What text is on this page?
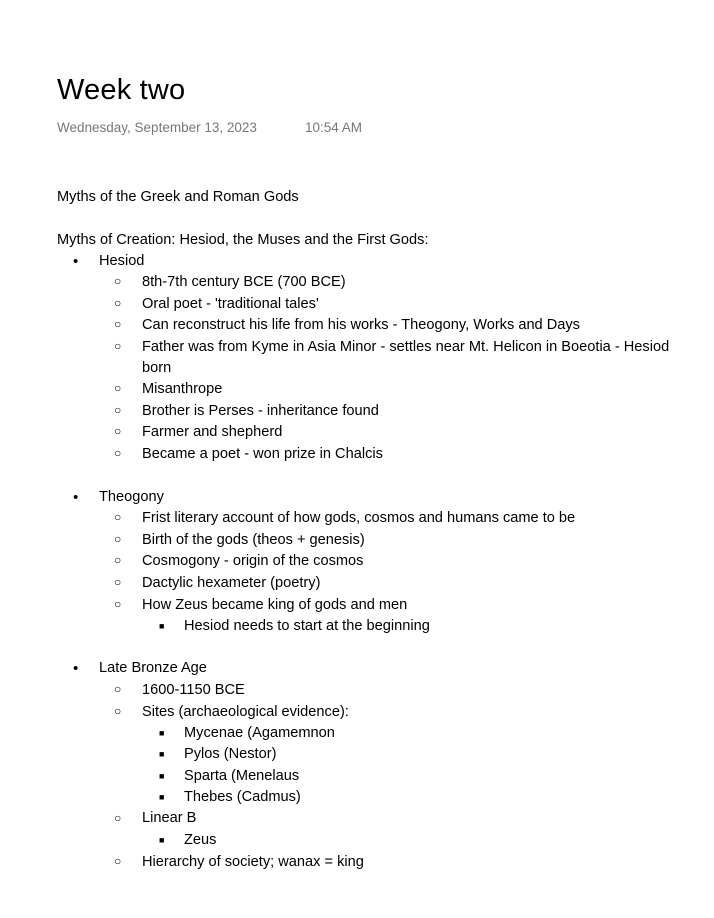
Week two
Wednesday, September 13, 2023	10:54 AM
Myths of the Greek and Roman Gods
Myths of Creation: Hesiod, the Muses and the First Gods:
• Hesiod
○ 8th-7th century BCE (700 BCE)
○ Oral poet - 'traditional tales'
○ Can reconstruct his life from his works - Theogony, Works and Days
○ Father was from Kyme in Asia Minor - settles near Mt. Helicon in Boeotia - Hesiod born
○ Misanthrope
○ Brother is Perses - inheritance found
○ Farmer and shepherd
○ Became a poet - won prize in Chalcis
• Theogony
○ Frist literary account of how gods, cosmos and humans came to be
○ Birth of the gods (theos + genesis)
○ Cosmogony - origin of the cosmos
○ Dactylic hexameter (poetry)
○ How Zeus became king of gods and men
■ Hesiod needs to start at the beginning
• Late Bronze Age
○ 1600-1150 BCE
○ Sites (archaeological evidence):
■ Mycenae (Agamemnon
■ Pylos (Nestor)
■ Sparta (Menelaus
■ Thebes (Cadmus)
○ Linear B
■ Zeus
○ Hierarchy of society; wanax = king
